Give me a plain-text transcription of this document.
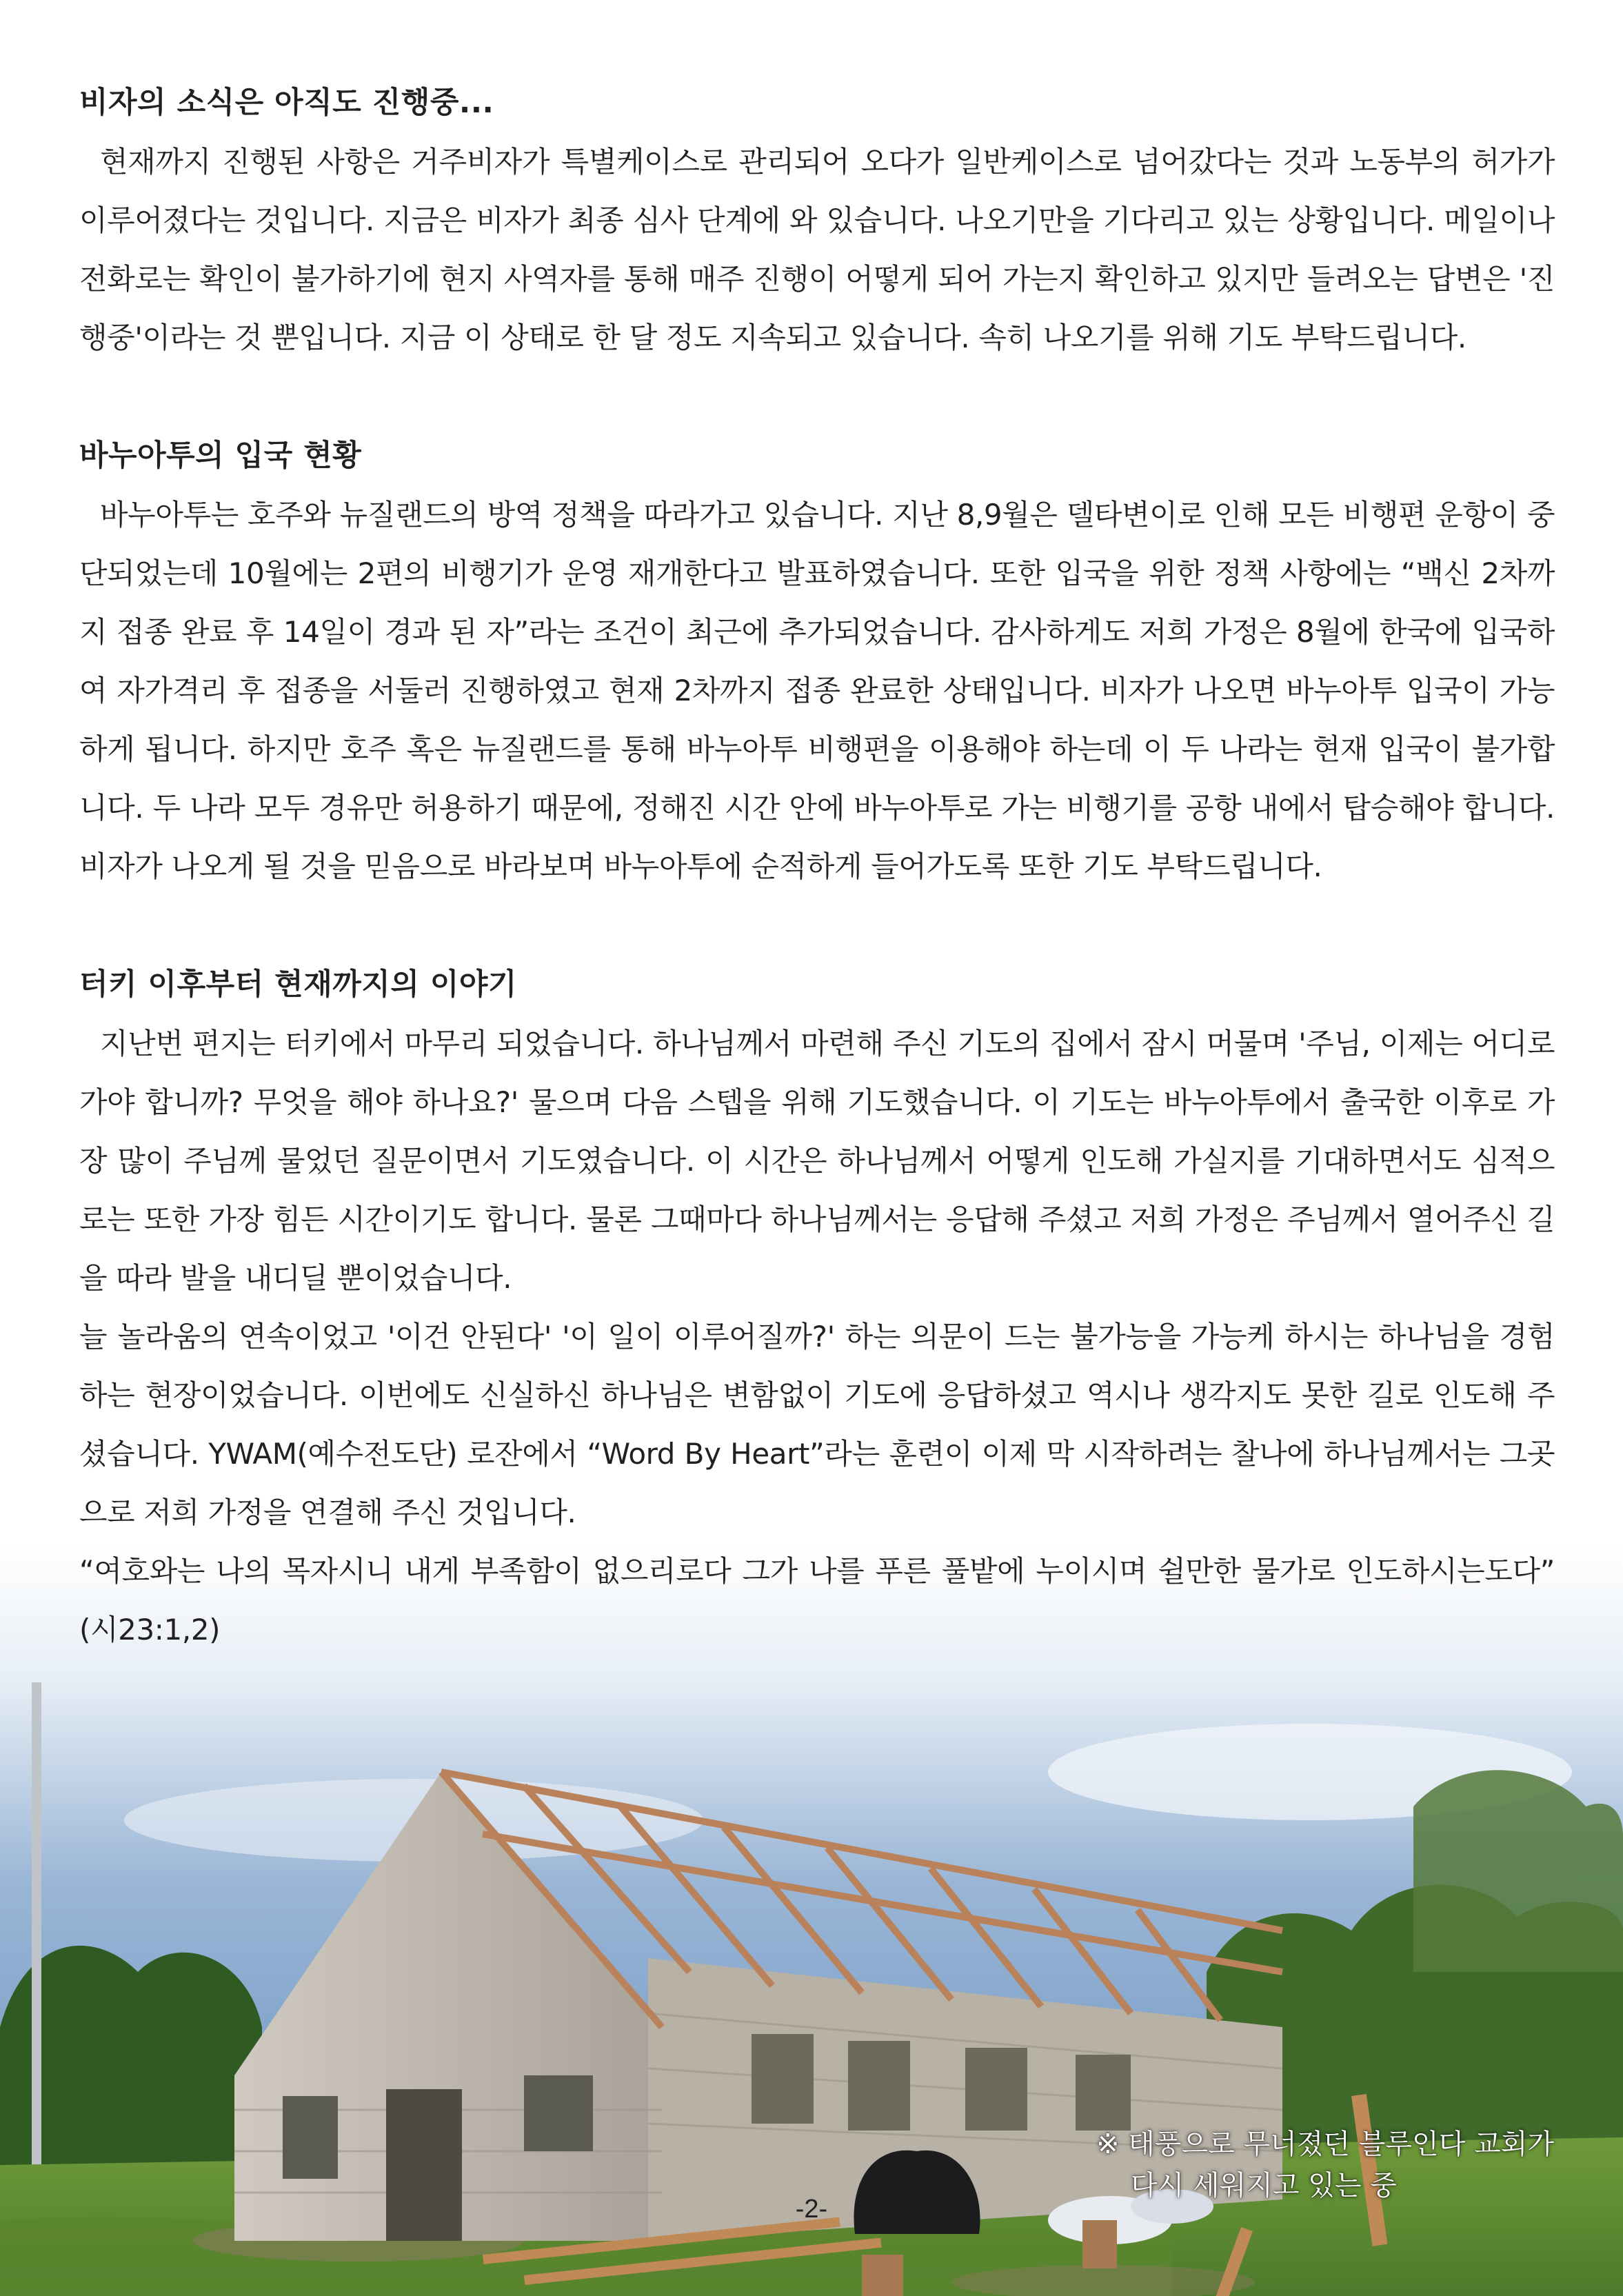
비자의 소식은 아직도 진행중...

현재까지 진행된 사항은 거주비자가 특별케이스로 관리되어 오다가 일반케이스로 넘어갔다는 것과 노동부의 허가가 이루어졌다는 것입니다. 지금은 비자가 최종 심사 단계에 와 있습니다. 나오기만을 기다리고 있는 상황입니다. 메일이나 전화로는 확인이 불가하기에 현지 사역자를 통해 매주 진행이 어떻게 되어 가는지 확인하고 있지만 들려오는 답변은 '진행중'이라는 것 뿐입니다. 지금 이 상태로 한 달 정도 지속되고 있습니다. 속히 나오기를 위해 기도 부탁드립니다.

바누아투의 입국 현황

바누아투는 호주와 뉴질랜드의 방역 정책을 따라가고 있습니다. 지난 8,9월은 델타변이로 인해 모든 비행편 운항이 중단되었는데 10월에는 2편의 비행기가 운영 재개한다고 발표하였습니다. 또한 입국을 위한 정책 사항에는 “백신 2차까지 접종 완료 후 14일이 경과 된 자”라는 조건이 최근에 추가되었습니다. 감사하게도 저희 가정은 8월에 한국에 입국하여 자가격리 후 접종을 서둘러 진행하였고 현재 2차까지 접종 완료한 상태입니다. 비자가 나오면 바누아투 입국이 가능하게 됩니다. 하지만 호주 혹은 뉴질랜드를 통해 바누아투 비행편을 이용해야 하는데 이 두 나라는 현재 입국이 불가합니다. 두 나라 모두 경유만 허용하기 때문에, 정해진 시간 안에 바누아투로 가는 비행기를 공항 내에서 탑승해야 합니다. 비자가 나오게 될 것을 믿음으로 바라보며 바누아투에 순적하게 들어가도록 또한 기도 부탁드립니다.

터키 이후부터 현재까지의 이야기

지난번 편지는 터키에서 마무리 되었습니다. 하나님께서 마련해 주신 기도의 집에서 잠시 머물며 '주님, 이제는 어디로 가야 합니까? 무엇을 해야 하나요?' 물으며 다음 스텝을 위해 기도했습니다. 이 기도는 바누아투에서 출국한 이후로 가장 많이 주님께 물었던 질문이면서 기도였습니다. 이 시간은 하나님께서 어떻게 인도해 가실지를 기대하면서도 심적으로는 또한 가장 힘든 시간이기도 합니다. 물론 그때마다 하나님께서는 응답해 주셨고 저희 가정은 주님께서 열어주신 길을 따라 발을 내디딜 뿐이었습니다.

늘 놀라움의 연속이었고 '이건 안된다' '이 일이 이루어질까?' 하는 의문이 드는 불가능을 가능케 하시는 하나님을 경험하는 현장이었습니다. 이번에도 신실하신 하나님은 변함없이 기도에 응답하셨고 역시나 생각지도 못한 길로 인도해 주셨습니다. YWAM(예수전도단) 로잔에서 “Word By Heart”라는 훈련이 이제 막 시작하려는 찰나에 하나님께서는 그곳으로 저희 가정을 연결해 주신 것입니다.

“여호와는 나의 목자시니 내게 부족함이 없으리로다 그가 나를 푸른 풀밭에 누이시며 쉴만한 물가로 인도하시는도다” (시23:1,2)

※ 태풍으로 무너졌던 블루인다 교회가
다시 세워지고 있는 중
-2-
